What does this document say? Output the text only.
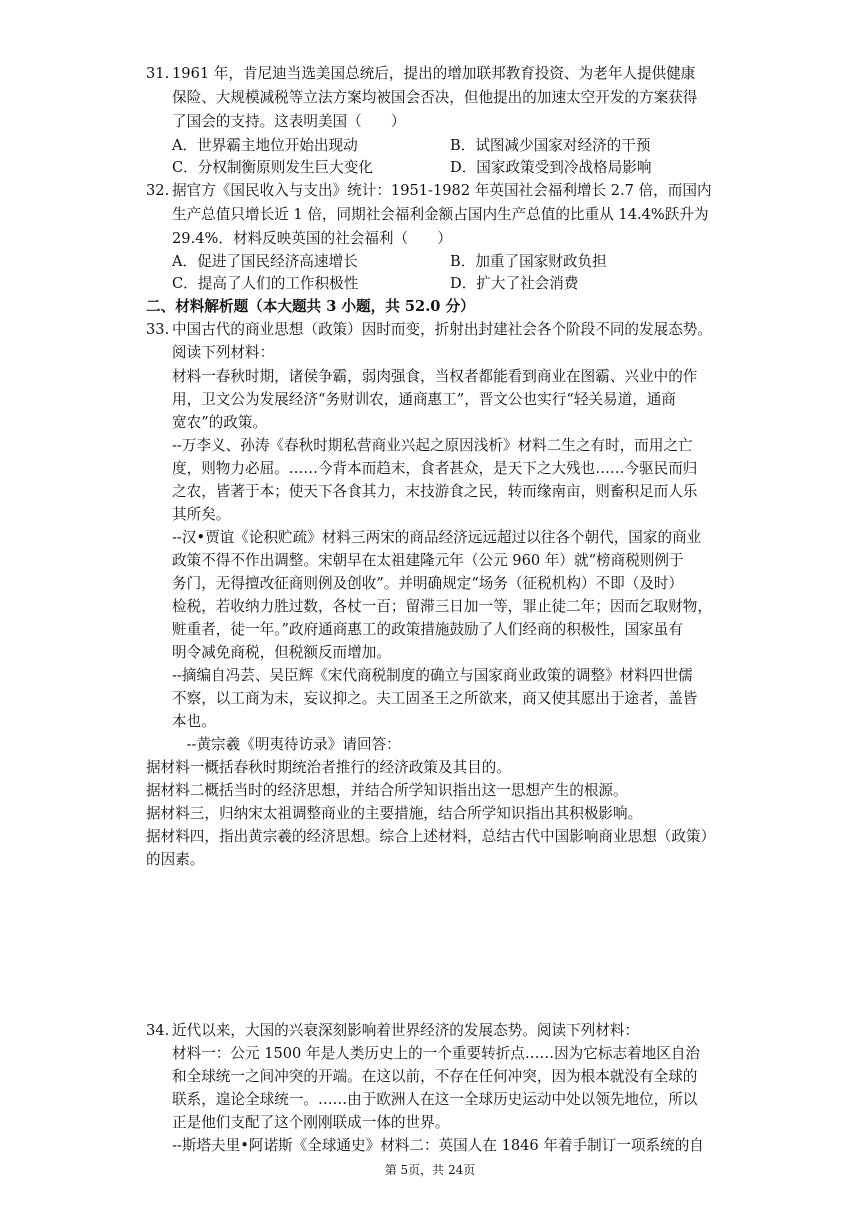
31. 1961 年，肯尼迪当选美国总统后，提出的增加联邦教育投资、为老年人提供健康
保险、大规模减税等立法方案均被国会否决，但他提出的加速太空开发的方案获得
了国会的支持。这表明美国（　　）
A．世界霸主地位开始出现动	B．试图减少国家对经济的干预
C．分权制衡原则发生巨大变化	D．国家政策受到冷战格局影响
32. 据官方《国民收入与支出》统计：1951-1982 年英国社会福利增长 2.7 倍，而国内
生产总值只增长近 1 倍，同期社会福利金额占国内生产总值的比重从 14.4%跃升为
29.4%．材料反映英国的社会福利（　　）
A．促进了国民经济高速增长	B．加重了国家财政负担
C．提高了人们的工作积极性	D．扩大了社会消费
二、材料解析题（本大题共 3 小题，共 52.0 分）
33. 中国古代的商业思想（政策）因时而变，折射出封建社会各个阶段不同的发展态势。
阅读下列材料：
材料一春秋时期，诸侯争霸，弱肉强食，当权者都能看到商业在图霸、兴业中的作
用，卫文公为发展经济“务财训农，通商惠工”，晋文公也实行“轻关易道，通商
宽农”的政策。
--万李义、孙涛《春秋时期私营商业兴起之原因浅析》材料二生之有时，而用之亡
度，则物力必屈。……今背本而趋末，食者甚众，是天下之大残也……今驱民而归
之农，皆著于本；使天下各食其力，末技游食之民，转而缘南亩，则畜积足而人乐
其所矣。
--汉•贾谊《论积贮疏》材料三两宋的商品经济远远超过以往各个朝代，国家的商业
政策不得不作出调整。宋朝早在太祖建隆元年（公元 960 年）就“榜商税则例于
务门，无得擅改征商则例及创收”。并明确规定“场务（征税机构）不即（及时）
检税，若收纳力胜过数，各杖一百；留滞三日加一等，罪止徒二年；因而乞取财物，
赃重者，徒一年。”政府通商惠工的政策措施鼓励了人们经商的积极性，国家虽有
明令减免商税，但税额反而增加。
--摘编自冯芸、吴臣辉《宋代商税制度的确立与国家商业政策的调整》材料四世儒
不察，以工商为末，妄议抑之。夫工固圣王之所欲来，商又使其愿出于途者，盖皆
本也。
　--黄宗羲《明夷待访录》请回答：
据材料一概括春秋时期统治者推行的经济政策及其目的。
据材料二概括当时的经济思想，并结合所学知识指出这一思想产生的根源。
据材料三，归纳宋太祖调整商业的主要措施，结合所学知识指出其积极影响。
据材料四，指出黄宗羲的经济思想。综合上述材料，总结古代中国影响商业思想（政策）
的因素。
34. 近代以来，大国的兴衰深刻影响着世界经济的发展态势。阅读下列材料：
材料一：公元 1500 年是人类历史上的一个重要转折点……因为它标志着地区自治
和全球统一之间冲突的开端。在这以前，不存在任何冲突，因为根本就没有全球的
联系，遑论全球统一。……由于欧洲人在这一全球历史运动中处以领先地位，所以
正是他们支配了这个刚刚联成一体的世界。
--斯塔夫里•阿诺斯《全球通史》材料二：英国人在 1846 年着手制订一项系统的自
第 5页，共 24页
